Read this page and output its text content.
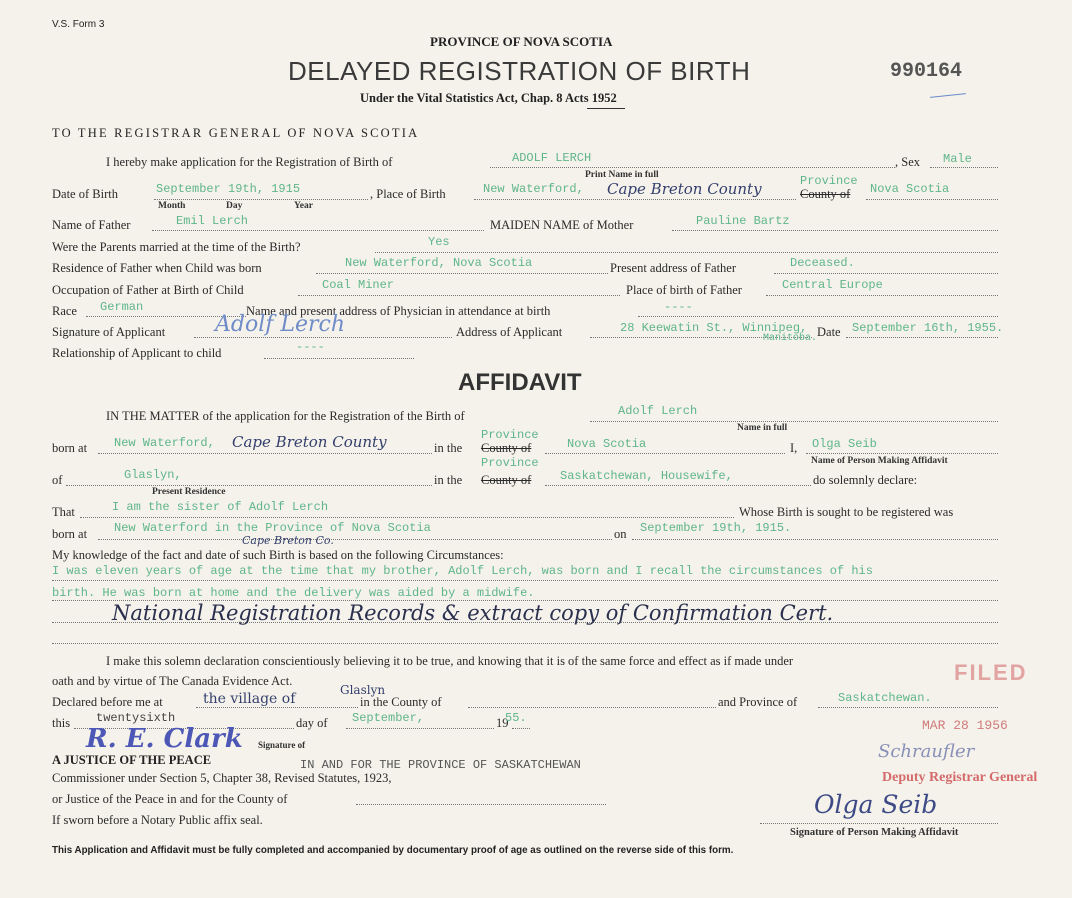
V.S. Form 3
PROVINCE OF NOVA SCOTIA
DELAYED REGISTRATION OF BIRTH
Under the Vital Statistics Act, Chap. 8 Acts 1952
990164
TO THE REGISTRAR GENERAL OF NOVA SCOTIA
I hereby make application for the Registration of Birth of	ADOLF LERCH
Print Name in full
, Sex Male
Date of Birth	September 19th, 1915
Month	Day	Year
, Place of Birth	New Waterford, Cape Breton County	Province
County of Nova Scotia
Name of Father	Emil Lerch	MAIDEN NAME of Mother	Pauline Bartz
Were the Parents married at the time of the Birth?	Yes
Residence of Father when Child was born	New Waterford, Nova Scotia	Present address of Father	Deceased.
Occupation of Father at Birth of Child	Coal Miner	Place of birth of Father	Central Europe
Race German	Name and present address of Physician in attendance at birth	----
Signature of Applicant Adolf Lerch	Address of Applicant	28 Keewatin St., Winnipeg,
Manitoba. Date September 16th, 1955.
Relationship of Applicant to child	----
AFFIDAVIT
IN THE MATTER of the application for the Registration of the Birth of	Adolf Lerch
Name in full
born at New Waterford, Cape Breton County	in the
Province
County of	Nova Scotia	I, Olga Seib
Name of Person Making Affidavit
of	Glaslyn,
Present Residence
in the
Province
County of Saskatchewan, Housewife,	do solemnly declare:
That	I am the sister of Adolf Lerch	Whose Birth is sought to be registered was
born at New Waterford in the Province of Nova Scotia	on September 19th, 1915.
My knowledge of the fact and date of such Birth is based on the following Circumstances:
Cape Breton Co.
I was eleven years of age at the time that my brother, Adolf Lerch, was born and I recall the circumstances of his
birth. He was born at home and the delivery was aided by a midwife.
National Registration Records & extract copy of Confirmation Cert.
I make this solemn declaration conscientiously believing it to be true, and knowing that it is of the same force and effect as if made under
oath and by virtue of The Canada Evidence Act.
Declared before me at	the village of
Glaslyn
in the County of	and Province of	Saskatchewan.
this twentysixth	day of September,	19
55.
R. E. Clark Signature of
A JUSTICE OF THE PEACE	IN AND FOR THE PROVINCE OF SASKATCHEWAN
Commissioner under Section 5, Chapter 38, Revised Statutes, 1923,
or Justice of the Peace in and for the County of
If sworn before a Notary Public affix seal.
Olga Seib
Signature of Person Making Affidavit
FILED
MAR 28 1956
Schraufler
Deputy Registrar General
This Application and Affidavit must be fully completed and accompanied by documentary proof of age as outlined on the reverse side of this form.
